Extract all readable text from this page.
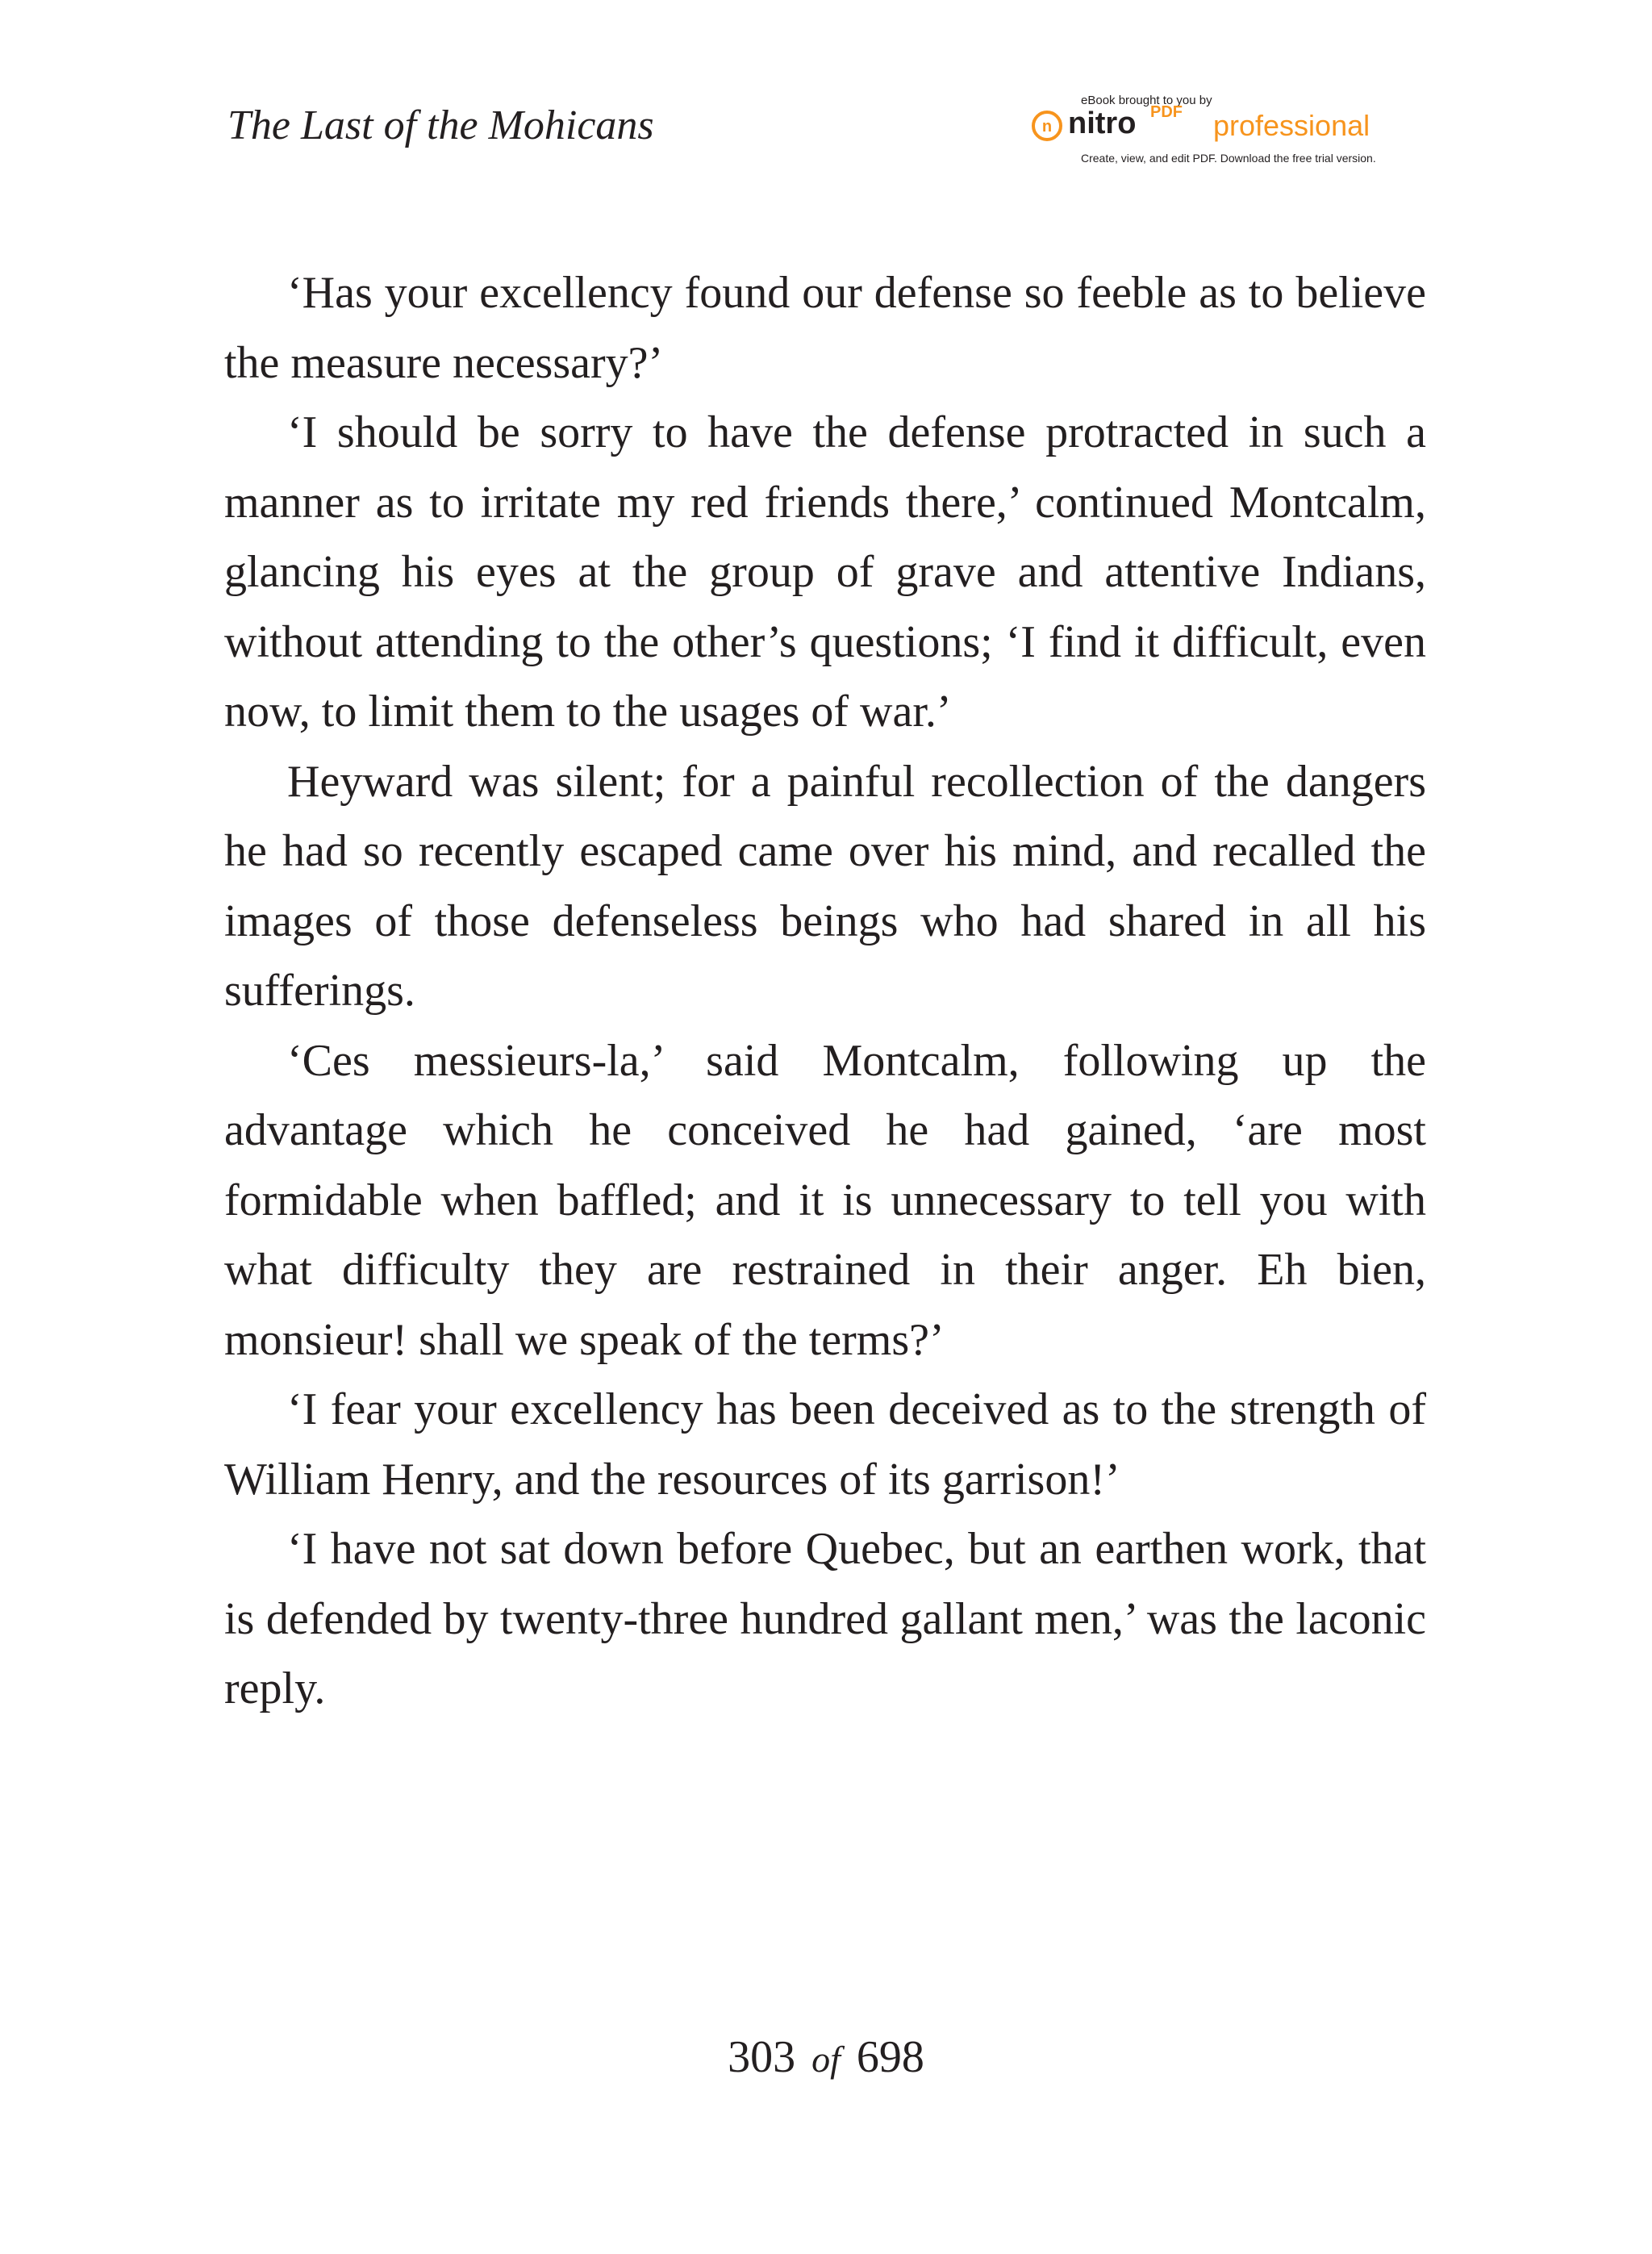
The Last of the Mohicans
eBook brought to you by
n nitro PDF professional
Create, view, and edit PDF. Download the free trial version.

‘Has your excellency found our defense so feeble as to believe the measure necessary?’

‘I should be sorry to have the defense protracted in such a manner as to irritate my red friends there,’ continued Montcalm, glancing his eyes at the group of grave and attentive Indians, without attending to the other’s questions; ‘I find it difficult, even now, to limit them to the usages of war.’

Heyward was silent; for a painful recollection of the dangers he had so recently escaped came over his mind, and recalled the images of those defenseless beings who had shared in all his sufferings.

‘Ces messieurs-la,’ said Montcalm, following up the advantage which he conceived he had gained, ‘are most formidable when baffled; and it is unnecessary to tell you with what difficulty they are restrained in their anger. Eh bien, monsieur! shall we speak of the terms?’

‘I fear your excellency has been deceived as to the strength of William Henry, and the resources of its garrison!’

‘I have not sat down before Quebec, but an earthen work, that is defended by twenty-three hundred gallant men,’ was the laconic reply.

303 of 698
